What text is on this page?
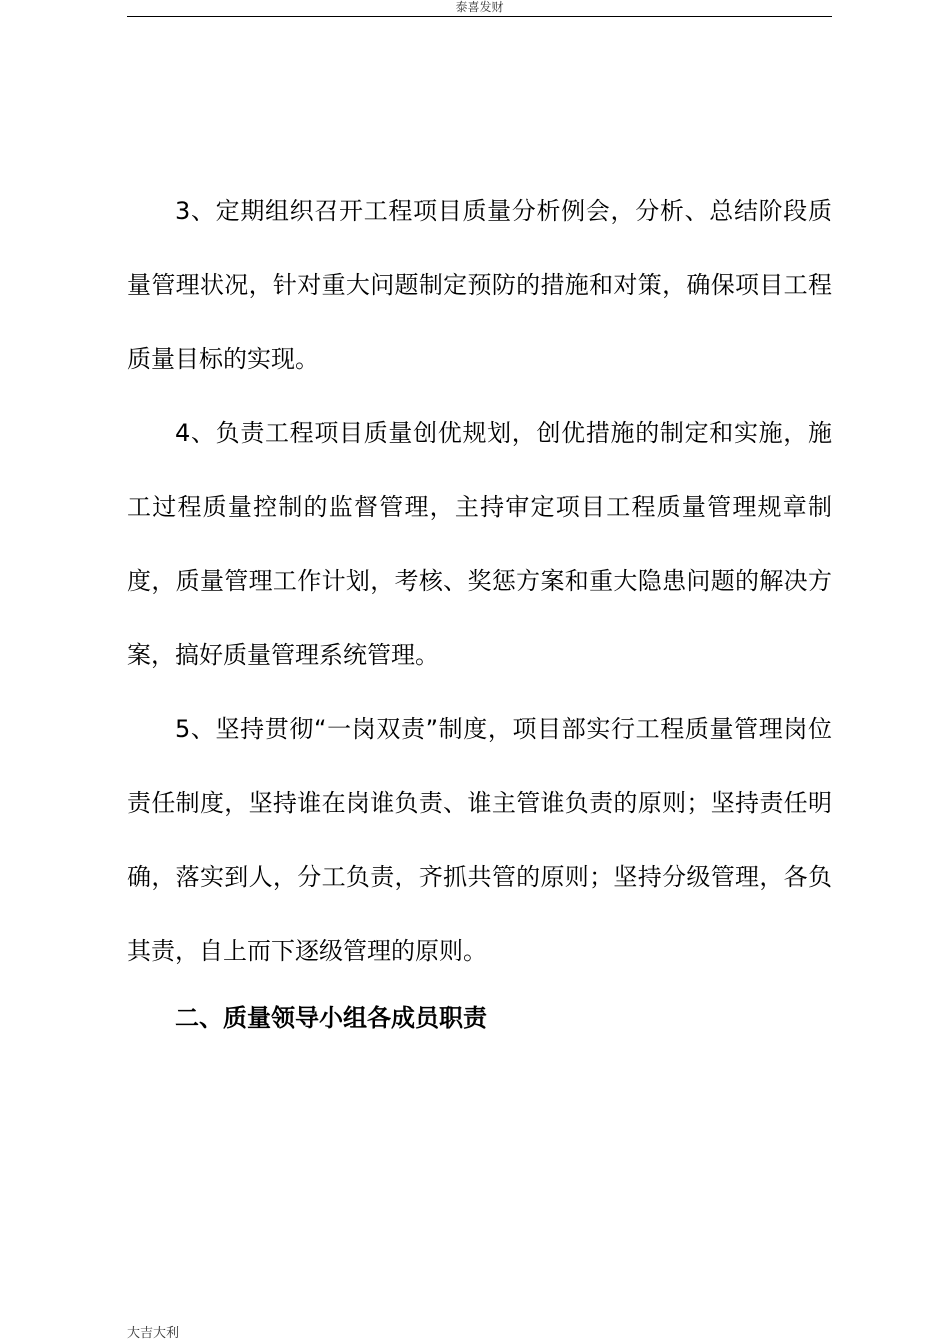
泰喜发财

3、定期组织召开工程项目质量分析例会，分析、总结阶段质量管理状况，针对重大问题制定预防的措施和对策，确保项目工程质量目标的实现。

4、负责工程项目质量创优规划，创优措施的制定和实施，施工过程质量控制的监督管理，主持审定项目工程质量管理规章制度，质量管理工作计划，考核、奖惩方案和重大隐患问题的解决方案，搞好质量管理系统管理。

5、坚持贯彻“一岗双责”制度，项目部实行工程质量管理岗位责任制度，坚持谁在岗谁负责、谁主管谁负责的原则；坚持责任明确，落实到人，分工负责，齐抓共管的原则；坚持分级管理，各负其责，自上而下逐级管理的原则。

二、质量领导小组各成员职责

大吉大利
